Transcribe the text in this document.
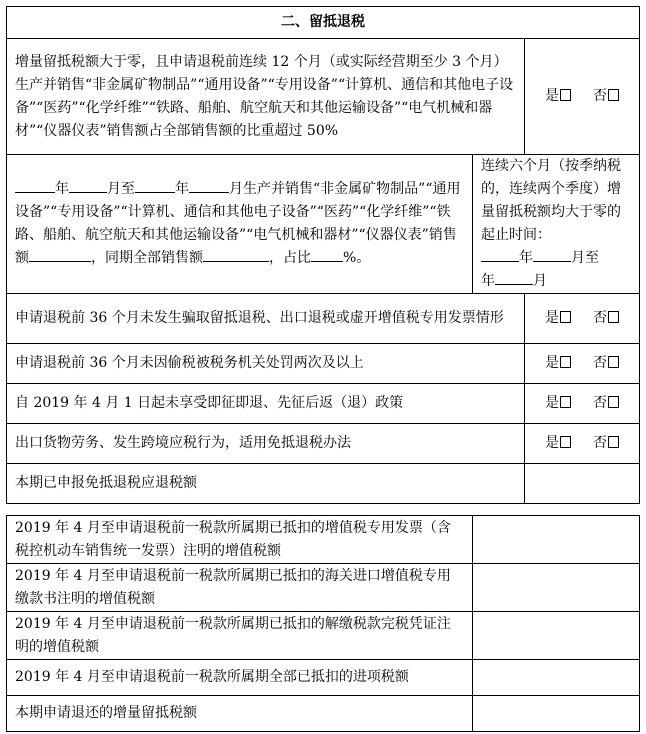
二、留抵退税		
增量留抵税额大于零，且申请退税前连续 12 个月（或实际经营期至少 3 个月）生产并销售“非金属矿物制品”“通用设备”“专用设备”“计算机、通信和其他电子设备”“医药”“化学纤维”“铁路、船舶、航空航天和其他运输设备”“电气机械和器材”“仪器仪表”销售额占全部销售额的比重超过 50%		是 否
年 月至 年 月生产并销售“非金属矿物制品”“通用设备”“专用设备”“计算机、通信和其他电子设备”“医药”“化学纤维”“铁路、船舶、航空航天和其他运输设备”“电气机械和器材”“仪器仪表”销售额 ，同期全部销售额 ，占比 %。	连续六个月（按季纳税的，连续两个季度）增量留抵税额均大于零的起止时间：
年 月至
年 月	
申请退税前 36 个月未发生骗取留抵退税、出口退税或虚开增值税专用发票情形		是 否
申请退税前 36 个月未因偷税被税务机关处罚两次及以上		是 否
自 2019 年 4 月 1 日起未享受即征即退、先征后返（退）政策		是 否
出口货物劳务、发生跨境应税行为，适用免抵退税办法		是 否
本期已申报免抵退税应退税额		
2019 年 4 月至申请退税前一税款所属期已抵扣的增值税专用发票（含税控机动车销售统一发票）注明的增值税额	
2019 年 4 月至申请退税前一税款所属期已抵扣的海关进口增值税专用缴款书注明的增值税额	
2019 年 4 月至申请退税前一税款所属期已抵扣的解缴税款完税凭证注明的增值税额	
2019 年 4 月至申请退税前一税款所属期全部已抵扣的进项税额	
本期申请退还的增量留抵税额	
